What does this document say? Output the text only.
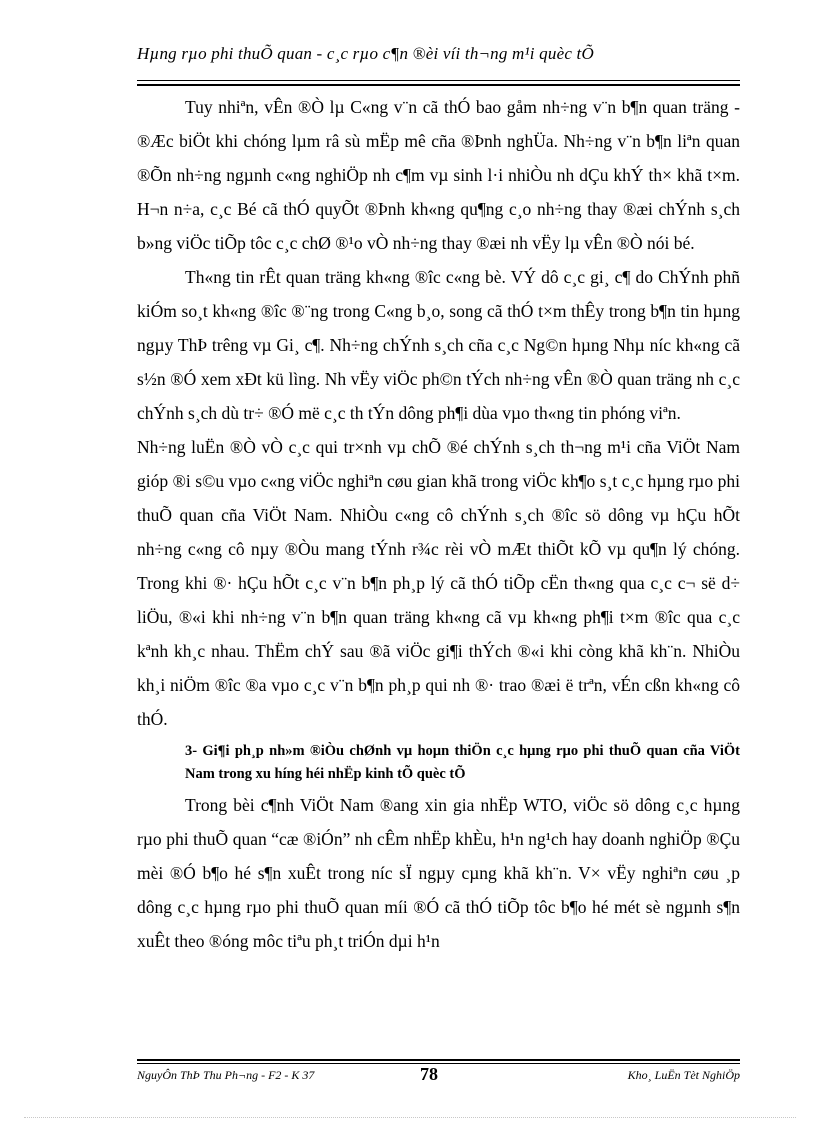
Hµng rµo phi thuÕ quan - c¸c rµo c¶n ®èi víi th¬ng m¹i quèc tÕ

Tuy nhiªn, vÊn ®Ò lµ C«ng v¨n cã thÓ bao gåm nh÷ng v¨n b¶n quan träng - ®Æc biÖt khi chóng lµm râ sù mËp mê cña ®Þnh nghÜa. Nh÷ng v¨n b¶n liªn quan ®Õn nh÷ng ngµnh c«ng nghiÖp nh c¶m vµ sinh l·i nhiÒu nh dÇu khÝ th× khã t×m. H¬n n÷a, c¸c Bé cã thÓ quyÕt ®Þnh kh«ng qu¶ng c¸o nh÷ng thay ®æi chÝnh s¸ch b»ng viÖc tiÕp tôc c¸c chØ ®¹o vÒ nh÷ng thay ®æi nh vËy lµ vÊn ®Ò nói bé.

Th«ng tin rÊt quan träng kh«ng ®îc c«ng bè. VÝ dô c¸c gi¸ c¶ do ChÝnh phñ kiÓm so¸t kh«ng ®îc ®¨ng trong C«ng b¸o, song cã thÓ t×m thÊy trong b¶n tin hµng ngµy ThÞ trêng vµ Gi¸ c¶. Nh÷ng chÝnh s¸ch cña c¸c Ng©n hµng Nhµ níc kh«ng cã s½n ®Ó xem xÐt kü lìng. Nh vËy viÖc ph©n tÝch nh÷ng vÊn ®Ò quan träng nh c¸c chÝnh s¸ch dù tr÷ ®Ó më c¸c th tÝn dông ph¶i dùa vµo th«ng tin phóng viªn.

Nh÷ng luËn ®Ò vÒ c¸c qui tr×nh vµ chÕ ®é chÝnh s¸ch th¬ng m¹i cña ViÖt Nam gióp ®i s©u vµo c«ng viÖc nghiªn cøu gian khã trong viÖc kh¶o s¸t c¸c hµng rµo phi thuÕ quan cña ViÖt Nam. NhiÒu c«ng cô chÝnh s¸ch ®îc sö dông vµ hÇu hÕt nh÷ng c«ng cô nµy ®Òu mang tÝnh r¾c rèi vÒ mÆt thiÕt kÕ vµ qu¶n lý chóng. Trong khi ®· hÇu hÕt c¸c v¨n b¶n ph¸p lý cã thÓ tiÕp cËn th«ng qua c¸c c¬ së d÷ liÖu, ®«i khi nh÷ng v¨n b¶n quan träng kh«ng cã vµ kh«ng ph¶i t×m ®îc qua c¸c kªnh kh¸c nhau. ThËm chÝ sau ®ã viÖc gi¶i thÝch ®«i khi còng khã kh¨n. NhiÒu kh¸i niÖm ®îc ®a vµo c¸c v¨n b¶n ph¸p qui nh ®· trao ®æi ë trªn, vÉn cßn kh«ng cô thÓ.

3- Gi¶i ph¸p nh»m ®iÒu chØnh vµ hoµn thiÖn c¸c hµng rµo phi thuÕ quan cña ViÖt Nam trong xu híng héi nhËp kinh tÕ quèc tÕ

Trong bèi c¶nh ViÖt Nam ®ang xin gia nhËp WTO, viÖc sö dông c¸c hµng rµo phi thuÕ quan “cæ ®iÓn” nh cÊm nhËp khÈu, h¹n ng¹ch hay doanh nghiÖp ®Çu mèi ®Ó b¶o hé s¶n xuÊt trong níc sÏ ngµy cµng khã kh¨n. V× vËy nghiªn cøu ¸p dông c¸c hµng rµo phi thuÕ quan míi ®Ó cã thÓ tiÕp tôc b¶o hé mét sè ngµnh s¶n xuÊt theo ®óng môc tiªu ph¸t triÓn dµi h¹n

NguyÔn ThÞ Thu Ph¬ng - F2 - K 37	78	Kho¸ LuËn Tèt NghiÖp
